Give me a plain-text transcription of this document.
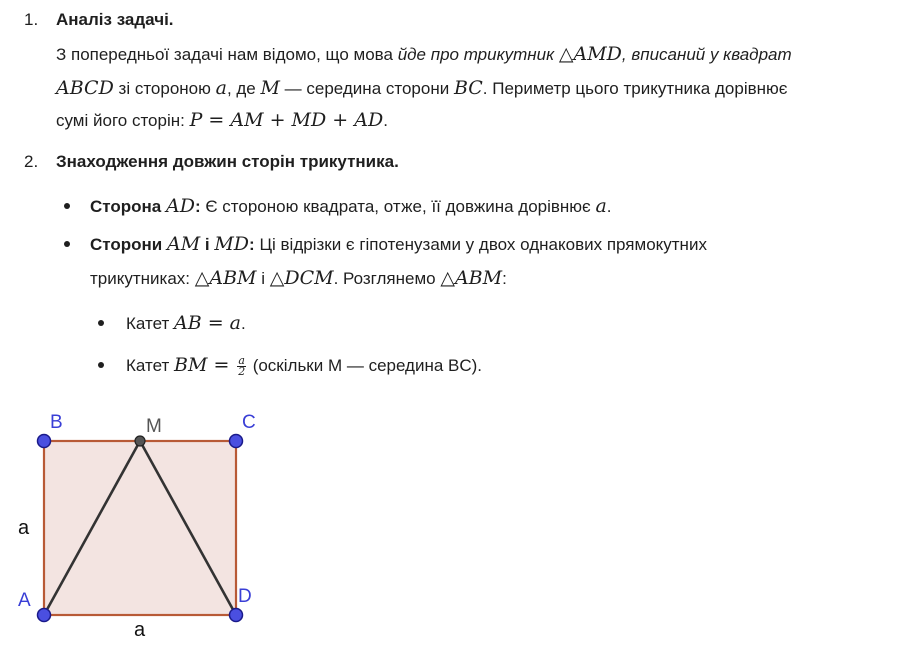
1. Аналіз задачі.
З попередньої задачі нам відомо, що мова йде про трикутник △AMD, вписаний у квадрат
ABCD зі стороною a, де M — середина сторони BC. Периметр цього трикутника дорівнює
сумі його сторін: P = AM + MD + AD.
2. Знаходження довжин сторін трикутника.
Сторона AD: Є стороною квадрата, отже, її довжина дорівнює a.
Сторони AM і MD: Ці відрізки є гіпотенузами у двох однакових прямокутних
трикутниках: △ABM і △DCM. Розглянемо △ABM:
Катет AB = a.
Катет BM = $\frac{a}{2}$ (оскільки M — середина BC).
B	M	C
A	D
a
a
